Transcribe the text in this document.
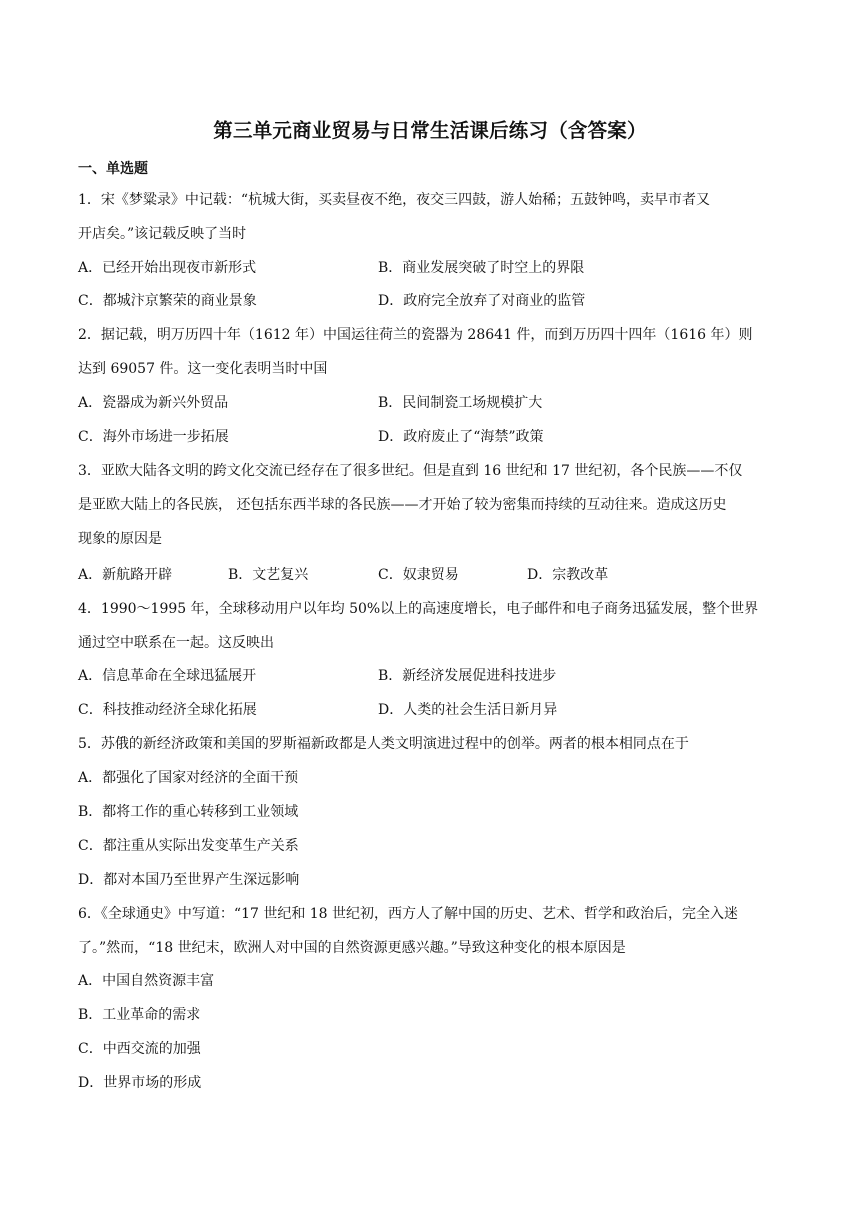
第三单元商业贸易与日常生活课后练习（含答案）
一、单选题
1．宋《梦粱录》中记载：“杭城大街，买卖昼夜不绝，夜交三四鼓，游人始稀；五鼓钟鸣，卖早市者又
开店矣。”该记载反映了当时
A．已经开始出现夜市新形式	B．商业发展突破了时空上的界限
C．都城汴京繁荣的商业景象	D．政府完全放弃了对商业的监管
2．据记载，明万历四十年（1612 年）中国运往荷兰的瓷器为 28641 件，而到万历四十四年（1616 年）则
达到 69057 件。这一变化表明当时中国
A．瓷器成为新兴外贸品	B．民间制瓷工场规模扩大
C．海外市场进一步拓展	D．政府废止了“海禁”政策
3．亚欧大陆各文明的跨文化交流已经存在了很多世纪。但是直到 16 世纪和 17 世纪初，各个民族——不仅
是亚欧大陆上的各民族， 还包括东西半球的各民族——才开始了较为密集而持续的互动往来。造成这历史
现象的原因是
A．新航路开辟	B．文艺复兴	C．奴隶贸易	D．宗教改革
4．1990～1995 年，全球移动用户以年均 50%以上的高速度增长，电子邮件和电子商务迅猛发展，整个世界
通过空中联系在一起。这反映出
A．信息革命在全球迅猛展开	B．新经济发展促进科技进步
C．科技推动经济全球化拓展	D．人类的社会生活日新月异
5．苏俄的新经济政策和美国的罗斯福新政都是人类文明演进过程中的创举。两者的根本相同点在于
A．都强化了国家对经济的全面干预
B．都将工作的重心转移到工业领域
C．都注重从实际出发变革生产关系
D．都对本国乃至世界产生深远影响
6．《全球通史》中写道：“17 世纪和 18 世纪初，西方人了解中国的历史、艺术、哲学和政治后，完全入迷
了。”然而，“18 世纪末，欧洲人对中国的自然资源更感兴趣。”导致这种变化的根本原因是
A．中国自然资源丰富
B．工业革命的需求
C．中西交流的加强
D．世界市场的形成
